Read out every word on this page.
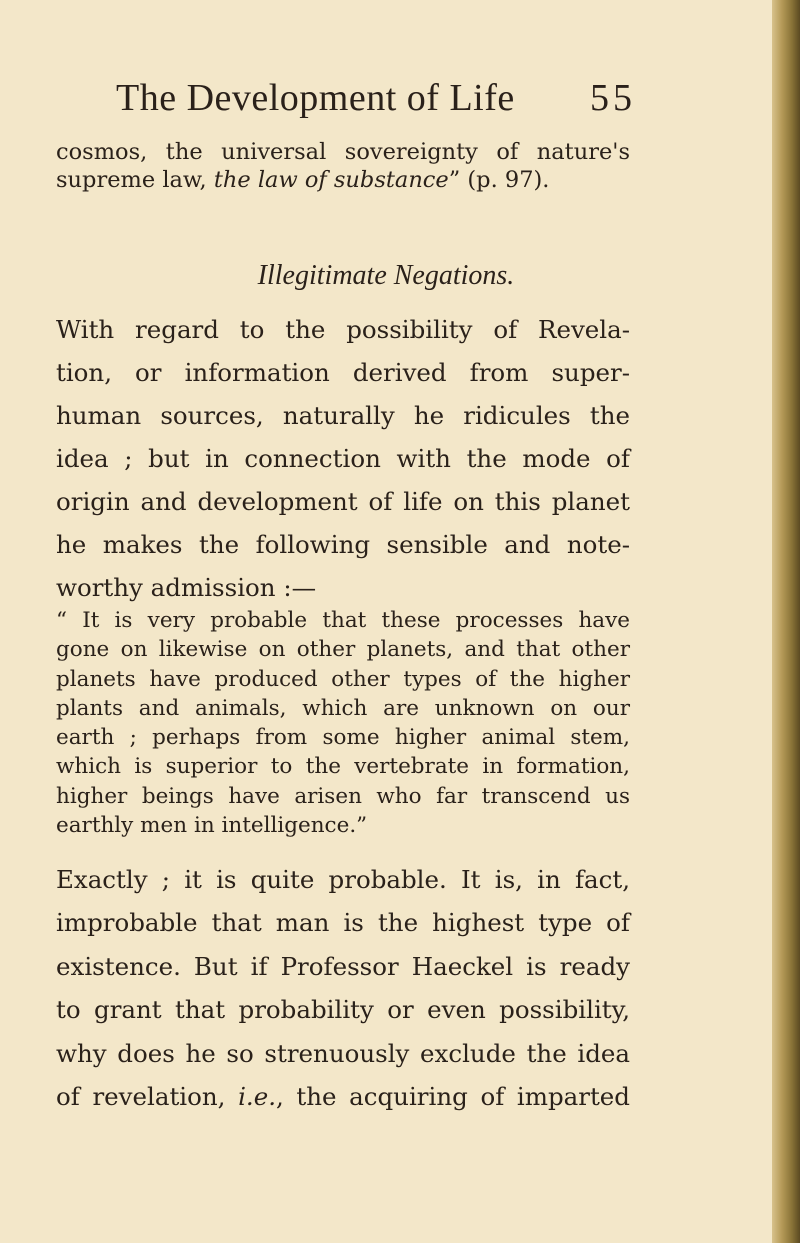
The Development of Life 55
cosmos, the universal sovereignty of nature's
supreme law, the law of substance” (p. 97).
Illegitimate Negations.
With regard to the possibility of Revela-
tion, or information derived from super-
human sources, naturally he ridicules the
idea ; but in connection with the mode of
origin and development of life on this planet
he makes the following sensible and note-
worthy admission :—
“ It is very probable that these processes have
gone on likewise on other planets, and that other
planets have produced other types of the higher
plants and animals, which are unknown on our
earth ; perhaps from some higher animal stem,
which is superior to the vertebrate in formation,
higher beings have arisen who far transcend us
earthly men in intelligence.”
Exactly ; it is quite probable. It is, in fact,
improbable that man is the highest type of
existence. But if Professor Haeckel is ready
to grant that probability or even possibility,
why does he so strenuously exclude the idea
of revelation, i.e., the acquiring of imparted
